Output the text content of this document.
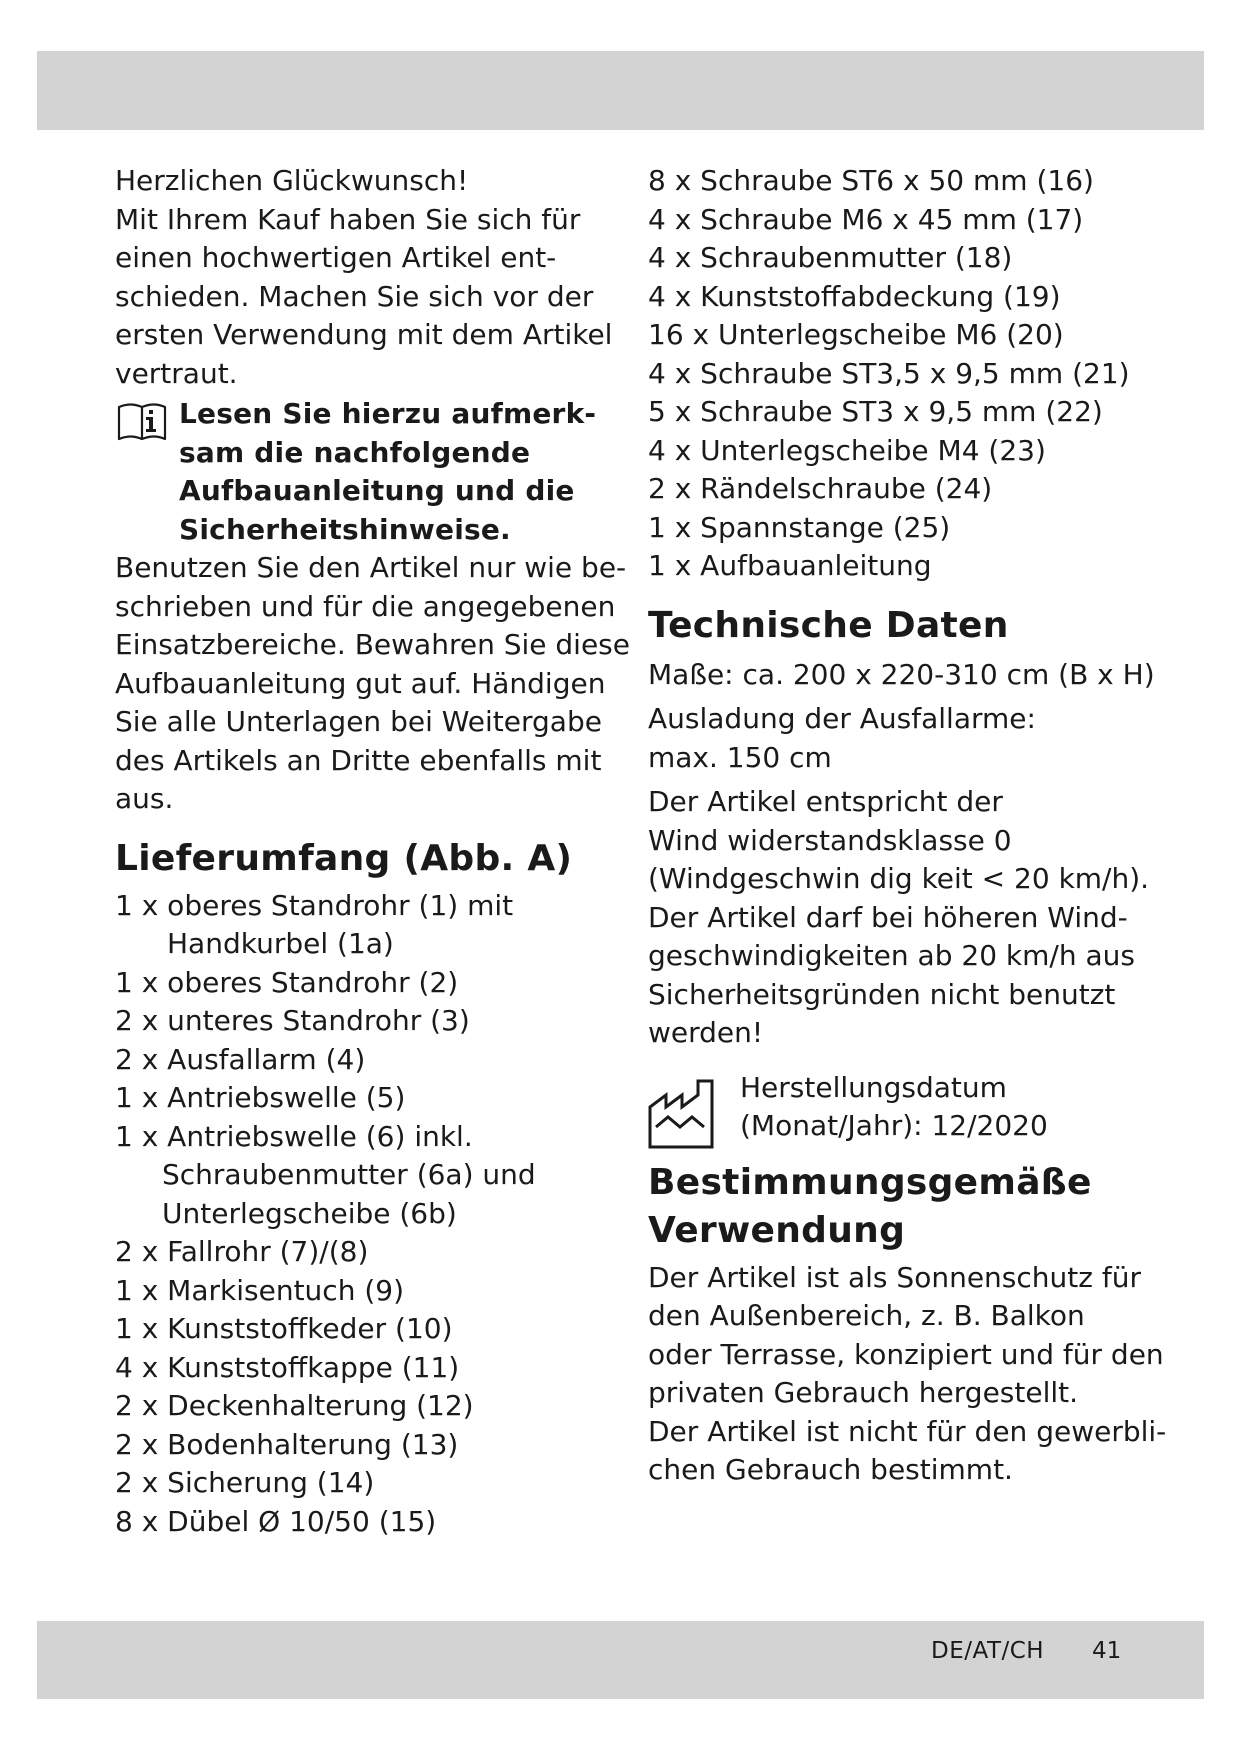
Herzlichen Glückwunsch!
Mit Ihrem Kauf haben Sie sich für
einen hochwertigen Artikel ent-
schieden. Machen Sie sich vor der
ersten Verwendung mit dem Artikel
vertraut.
Lesen Sie hierzu aufmerk-
sam die nachfolgende
Aufbauanleitung und die
Sicherheitshinweise.
Benutzen Sie den Artikel nur wie be-
schrieben und für die angegebenen
Einsatzbereiche. Bewahren Sie diese
Aufbauanleitung gut auf. Händigen
Sie alle Unterlagen bei Weitergabe
des Artikels an Dritte ebenfalls mit
aus.
Lieferumfang (Abb. A)
1 x oberes Standrohr (1) mit
Handkurbel (1a)
1 x oberes Standrohr (2)
2 x unteres Standrohr (3)
2 x Ausfallarm (4)
1 x Antriebswelle (5)
1 x Antriebswelle (6) inkl.
Schraubenmutter (6a) und
Unterlegscheibe (6b)
2 x Fallrohr (7)/(8)
1 x Markisentuch (9)
1 x Kunststoffkeder (10)
4 x Kunststoffkappe (11)
2 x Deckenhalterung (12)
2 x Bodenhalterung (13)
2 x Sicherung (14)
8 x Dübel Ø 10/50 (15)
8 x Schraube ST6 x 50 mm (16)
4 x Schraube M6 x 45 mm (17)
4 x Schraubenmutter (18)
4 x Kunststoffabdeckung (19)
16 x Unterlegscheibe M6 (20)
4 x Schraube ST3,5 x 9,5 mm (21)
5 x Schraube ST3 x 9,5 mm (22)
4 x Unterlegscheibe M4 (23)
2 x Rändelschraube (24)
1 x Spannstange (25)
1 x Aufbauanleitung
Technische Daten
Maße: ca. 200 x 220-310 cm (B x H)
Ausladung der Ausfallarme:
max. 150 cm
Der Artikel entspricht der
Wind widerstandsklasse 0
(Windgeschwin dig keit < 20 km/h).
Der Artikel darf bei höheren Wind-
geschwindigkeiten ab 20 km/h aus
Sicherheitsgründen nicht benutzt
werden!
Herstellungsdatum
(Monat/Jahr): 12/2020
Bestimmungsgemäße
Verwendung
Der Artikel ist als Sonnenschutz für
den Außenbereich, z. B. Balkon
oder Terrasse, konzipiert und für den
privaten Gebrauch hergestellt.
Der Artikel ist nicht für den gewerbli-
chen Gebrauch bestimmt.
DE/AT/CH 41
